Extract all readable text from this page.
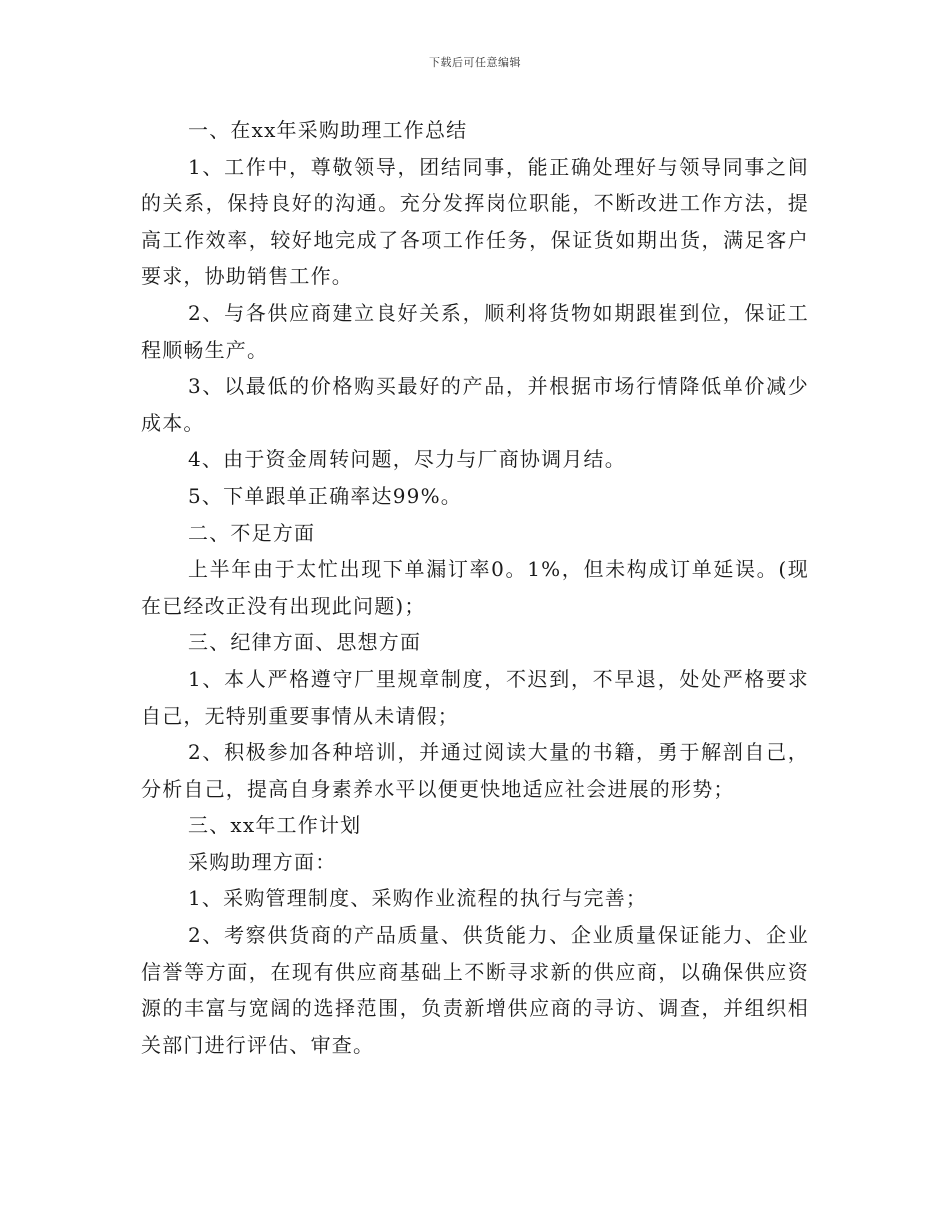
下载后可任意编辑

一、在xx年采购助理工作总结

1、工作中，尊敬领导，团结同事，能正确处理好与领导同事之间的关系，保持良好的沟通。充分发挥岗位职能，不断改进工作方法，提高工作效率，较好地完成了各项工作任务，保证货如期出货，满足客户要求，协助销售工作。

2、与各供应商建立良好关系，顺利将货物如期跟崔到位，保证工程顺畅生产。

3、以最低的价格购买最好的产品，并根据市场行情降低单价减少成本。

4、由于资金周转问题，尽力与厂商协调月结。

5、下单跟单正确率达99%。

二、不足方面

上半年由于太忙出现下单漏订率0。1%，但未构成订单延误。(现在已经改正没有出现此问题)；

三、纪律方面、思想方面

1、本人严格遵守厂里规章制度，不迟到，不早退，处处严格要求自己，无特别重要事情从未请假；

2、积极参加各种培训，并通过阅读大量的书籍，勇于解剖自己，分析自己，提高自身素养水平以便更快地适应社会进展的形势；

三、xx年工作计划

采购助理方面：

1、采购管理制度、采购作业流程的执行与完善；

2、考察供货商的产品质量、供货能力、企业质量保证能力、企业信誉等方面，在现有供应商基础上不断寻求新的供应商，以确保供应资源的丰富与宽阔的选择范围，负责新增供应商的寻访、调查，并组织相关部门进行评估、审查。
